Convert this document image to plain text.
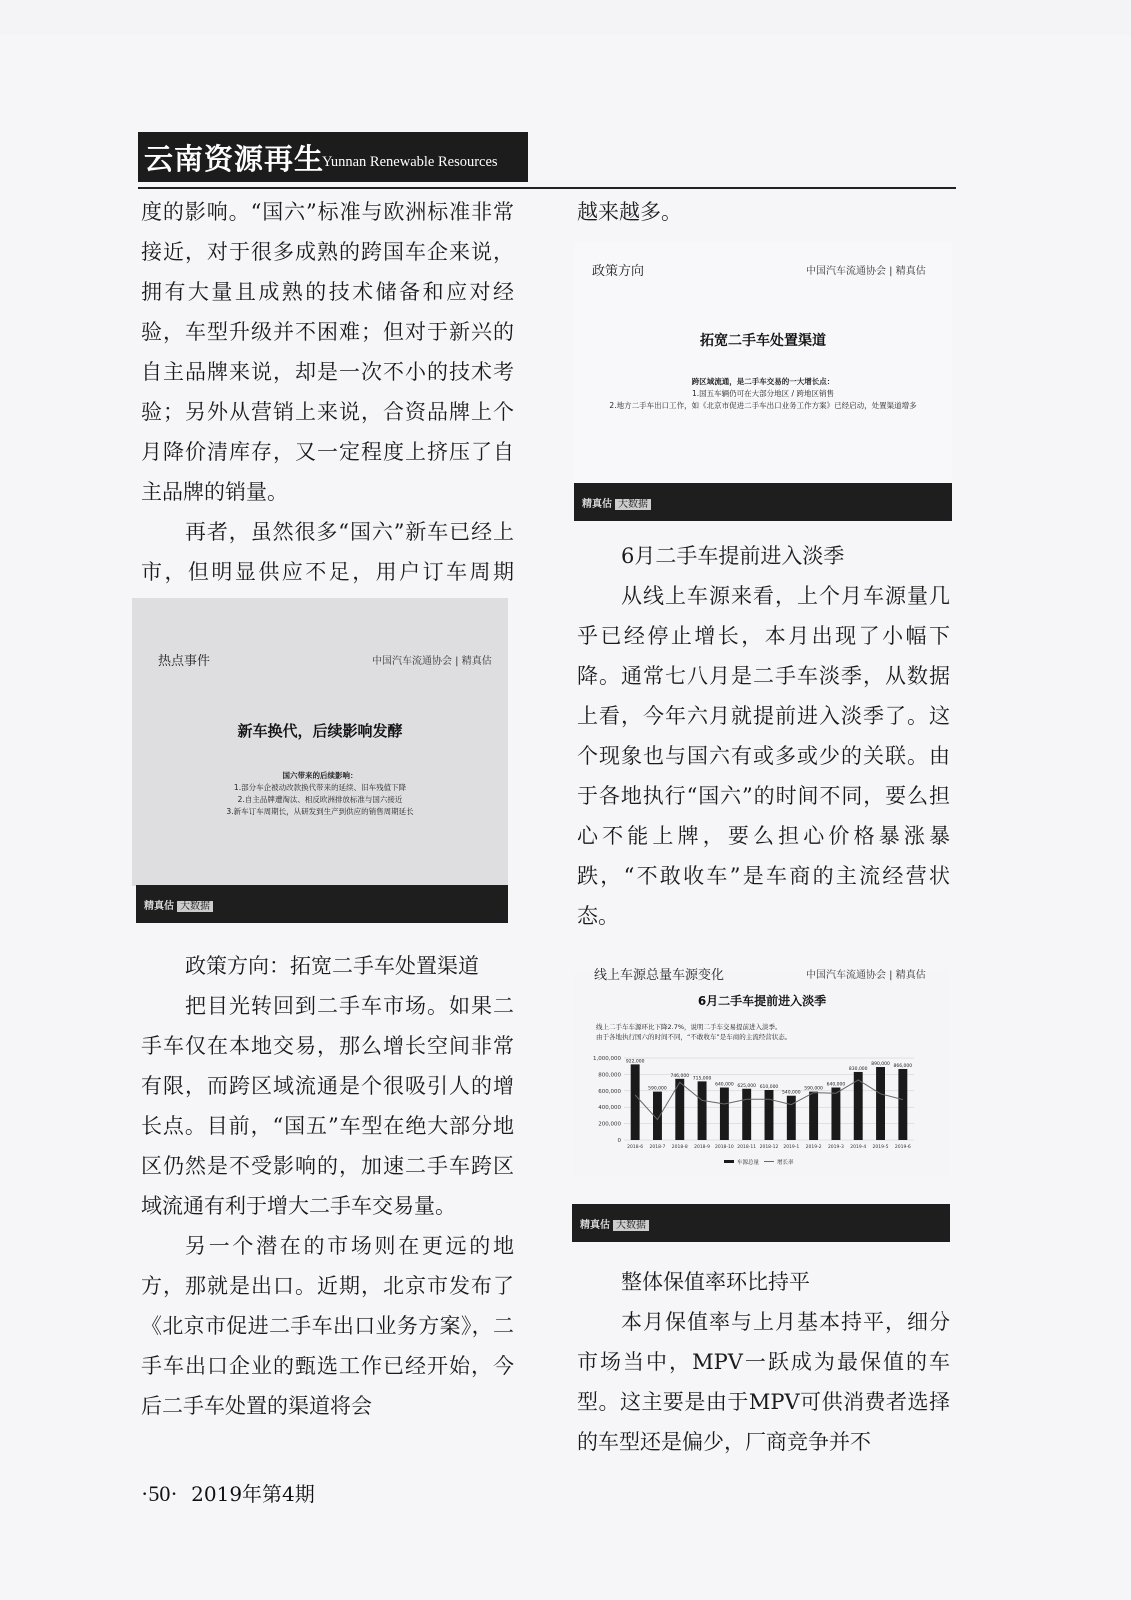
云南资源再生
Yunnan Renewable Resources

度的影响。“国六”标准与欧洲标准非常接近，对于很多成熟的跨国车企来说，拥有大量且成熟的技术储备和应对经验，车型升级并不困难；但对于新兴的自主品牌来说，却是一次不小的技术考验；另外从营销上来说，合资品牌上个月降价清库存，又一定程度上挤压了自主品牌的销量。

再者，虽然很多“国六”新车已经上市，但明显供应不足，用户订车周期

热点事件	中国汽车流通协会 | 精真估
新车换代，后续影响发酵
国六带来的后续影响：
1.部分车企被动改款换代带来的延续、旧车残值下降
2.自主品牌遭淘汰、相反欧洲排放标准与国六接近
3.新车订车周期长，从研发到生产到供应的销售周期延长
精真估 大数据

政策方向：拓宽二手车处置渠道

把目光转回到二手车市场。如果二手车仅在本地交易，那么增长空间非常有限，而跨区域流通是个很吸引人的增长点。目前，“国五”车型在绝大部分地区仍然是不受影响的，加速二手车跨区域流通有利于增大二手车交易量。

另一个潜在的市场则在更远的地方，那就是出口。近期，北京市发布了《北京市促进二手车出口业务方案》，二手车出口企业的甄选工作已经开始，今后二手车处置的渠道将会

越来越多。

政策方向	中国汽车流通协会 | 精真估
拓宽二手车处置渠道
跨区域流通，是二手车交易的一大增长点：
1.国五车辆仍可在大部分地区 / 跨地区销售
2.地方二手车出口工作，如《北京市促进二手车出口业务工作方案》已经启动，处置渠道增多
精真估 大数据

6月二手车提前进入淡季

从线上车源来看，上个月车源量几乎已经停止增长，本月出现了小幅下降。通常七八月是二手车淡季，从数据上看，今年六月就提前进入淡季了。这个现象也与国六有或多或少的关联。由于各地执行“国六”的时间不同，要么担心不能上牌，要么担心价格暴涨暴跌，“不敢收车”是车商的主流经营状态。

线上车源总量车源变化	中国汽车流通协会 | 精真估
6月二手车提前进入淡季
线上二手车车源环比下降2.7%，说明二手车交易提前进入淡季。
由于各地执行国六的时间不同，“不敢收车”是车商的主流经营状态。
1,000,000
800,000
600,000
400,000
200,000
0
922,000
2018-6
590,000
2018-7
746,000
2018-8
715,000
2018-9
640,000
2018-10
625,000
2018-11
610,000
2018-12
540,000
2019-1
590,000
2019-2
640,000
2019-3
830,000
2019-4
890,000
2019-5
866,000
2019-6
车源总量	增长率
精真估 大数据

整体保值率环比持平

本月保值率与上月基本持平，细分市场当中，MPV一跃成为最保值的车型。这主要是由于MPV可供消费者选择的车型还是偏少，厂商竞争并不

·50· 2019年第4期
